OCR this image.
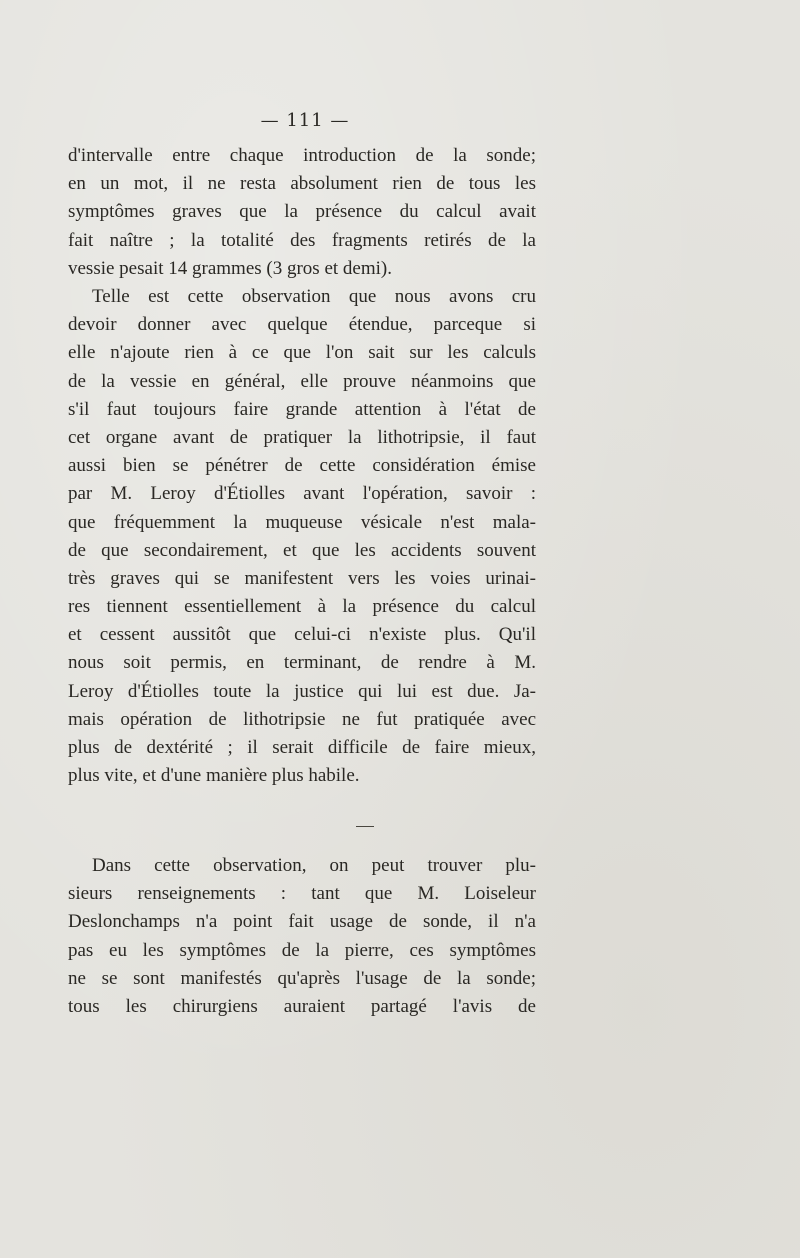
— 111 —
d'intervalle entre chaque introduction de la sonde;
en un mot, il ne resta absolument rien de tous les
symptômes graves que la présence du calcul avait
fait naître ; la totalité des fragments retirés de la
vessie pesait 14 grammes (3 gros et demi).
Telle est cette observation que nous avons cru
devoir donner avec quelque étendue, parceque si
elle n'ajoute rien à ce que l'on sait sur les calculs
de la vessie en général, elle prouve néanmoins que
s'il faut toujours faire grande attention à l'état de
cet organe avant de pratiquer la lithotripsie, il faut
aussi bien se pénétrer de cette considération émise
par M. Leroy d'Étiolles avant l'opération, savoir :
que fréquemment la muqueuse vésicale n'est mala-
de que secondairement, et que les accidents souvent
très graves qui se manifestent vers les voies urinai-
res tiennent essentiellement à la présence du calcul
et cessent aussitôt que celui-ci n'existe plus. Qu'il
nous soit permis, en terminant, de rendre à M.
Leroy d'Étiolles toute la justice qui lui est due. Ja-
mais opération de lithotripsie ne fut pratiquée avec
plus de dextérité ; il serait difficile de faire mieux,
plus vite, et d'une manière plus habile.
Dans cette observation, on peut trouver plu-
sieurs renseignements : tant que M. Loiseleur
Deslonchamps n'a point fait usage de sonde, il n'a
pas eu les symptômes de la pierre, ces symptômes
ne se sont manifestés qu'après l'usage de la sonde;
tous les chirurgiens auraient partagé l'avis de
